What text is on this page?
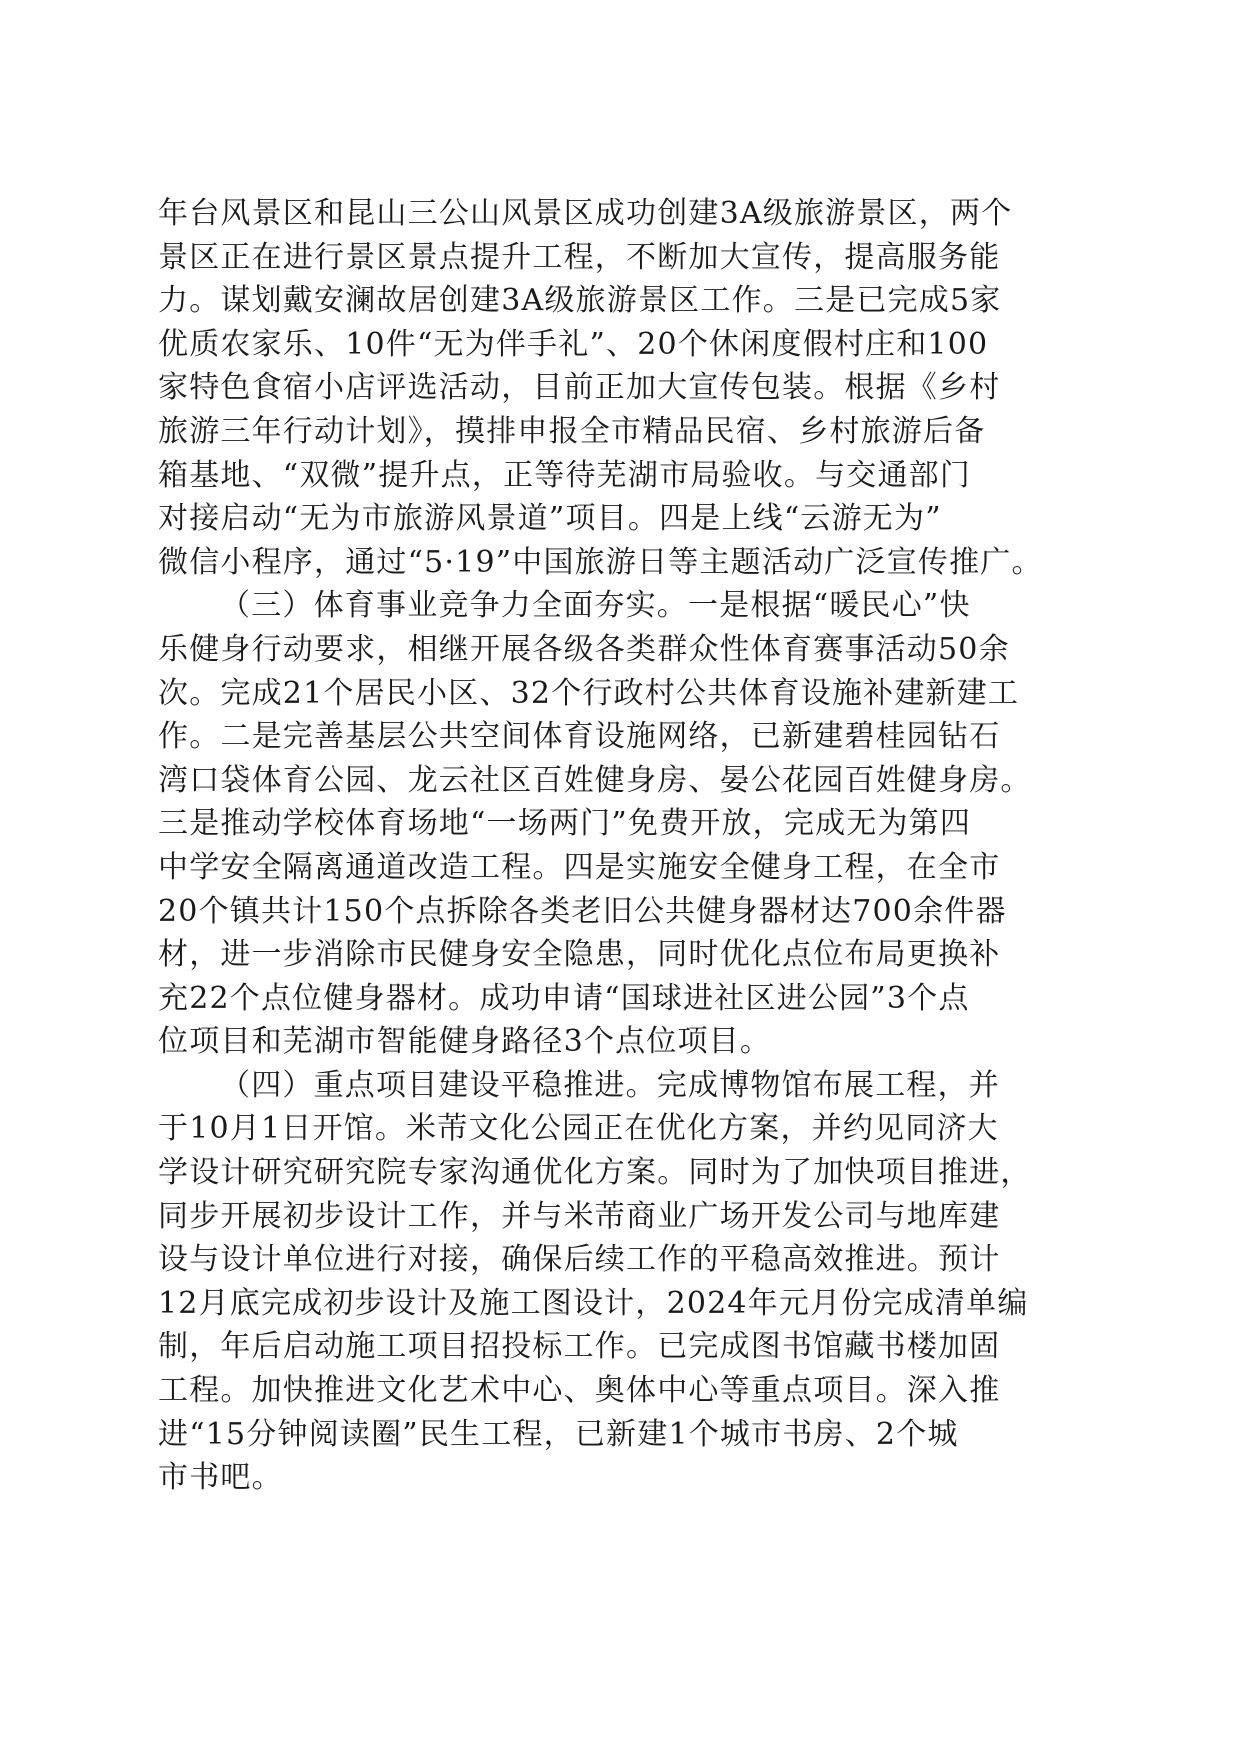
年台风景区和昆山三公山风景区成功创建3A级旅游景区，两个
景区正在进行景区景点提升工程，不断加大宣传，提高服务能
力。谋划戴安澜故居创建3A级旅游景区工作。三是已完成5家
优质农家乐、10件“无为伴手礼”、20个休闲度假村庄和100
家特色食宿小店评选活动，目前正加大宣传包装。根据《乡村
旅游三年行动计划》，摸排申报全市精品民宿、乡村旅游后备
箱基地、“双微”提升点，正等待芜湖市局验收。与交通部门
对接启动“无为市旅游风景道”项目。四是上线“云游无为”
微信小程序，通过“5·19”中国旅游日等主题活动广泛宣传推广。
（三）体育事业竞争力全面夯实。一是根据“暖民心”快
乐健身行动要求，相继开展各级各类群众性体育赛事活动50余
次。完成21个居民小区、32个行政村公共体育设施补建新建工
作。二是完善基层公共空间体育设施网络，已新建碧桂园钻石
湾口袋体育公园、龙云社区百姓健身房、晏公花园百姓健身房。
三是推动学校体育场地“一场两门”免费开放，完成无为第四
中学安全隔离通道改造工程。四是实施安全健身工程，在全市
20个镇共计150个点拆除各类老旧公共健身器材达700余件器
材，进一步消除市民健身安全隐患，同时优化点位布局更换补
充22个点位健身器材。成功申请“国球进社区进公园”3个点
位项目和芜湖市智能健身路径3个点位项目。
（四）重点项目建设平稳推进。完成博物馆布展工程，并
于10月1日开馆。米芾文化公园正在优化方案，并约见同济大
学设计研究研究院专家沟通优化方案。同时为了加快项目推进，
同步开展初步设计工作，并与米芾商业广场开发公司与地库建
设与设计单位进行对接，确保后续工作的平稳高效推进。预计
12月底完成初步设计及施工图设计，2024年元月份完成清单编
制，年后启动施工项目招投标工作。已完成图书馆藏书楼加固
工程。加快推进文化艺术中心、奥体中心等重点项目。深入推
进“15分钟阅读圈”民生工程，已新建1个城市书房、2个城
市书吧。
